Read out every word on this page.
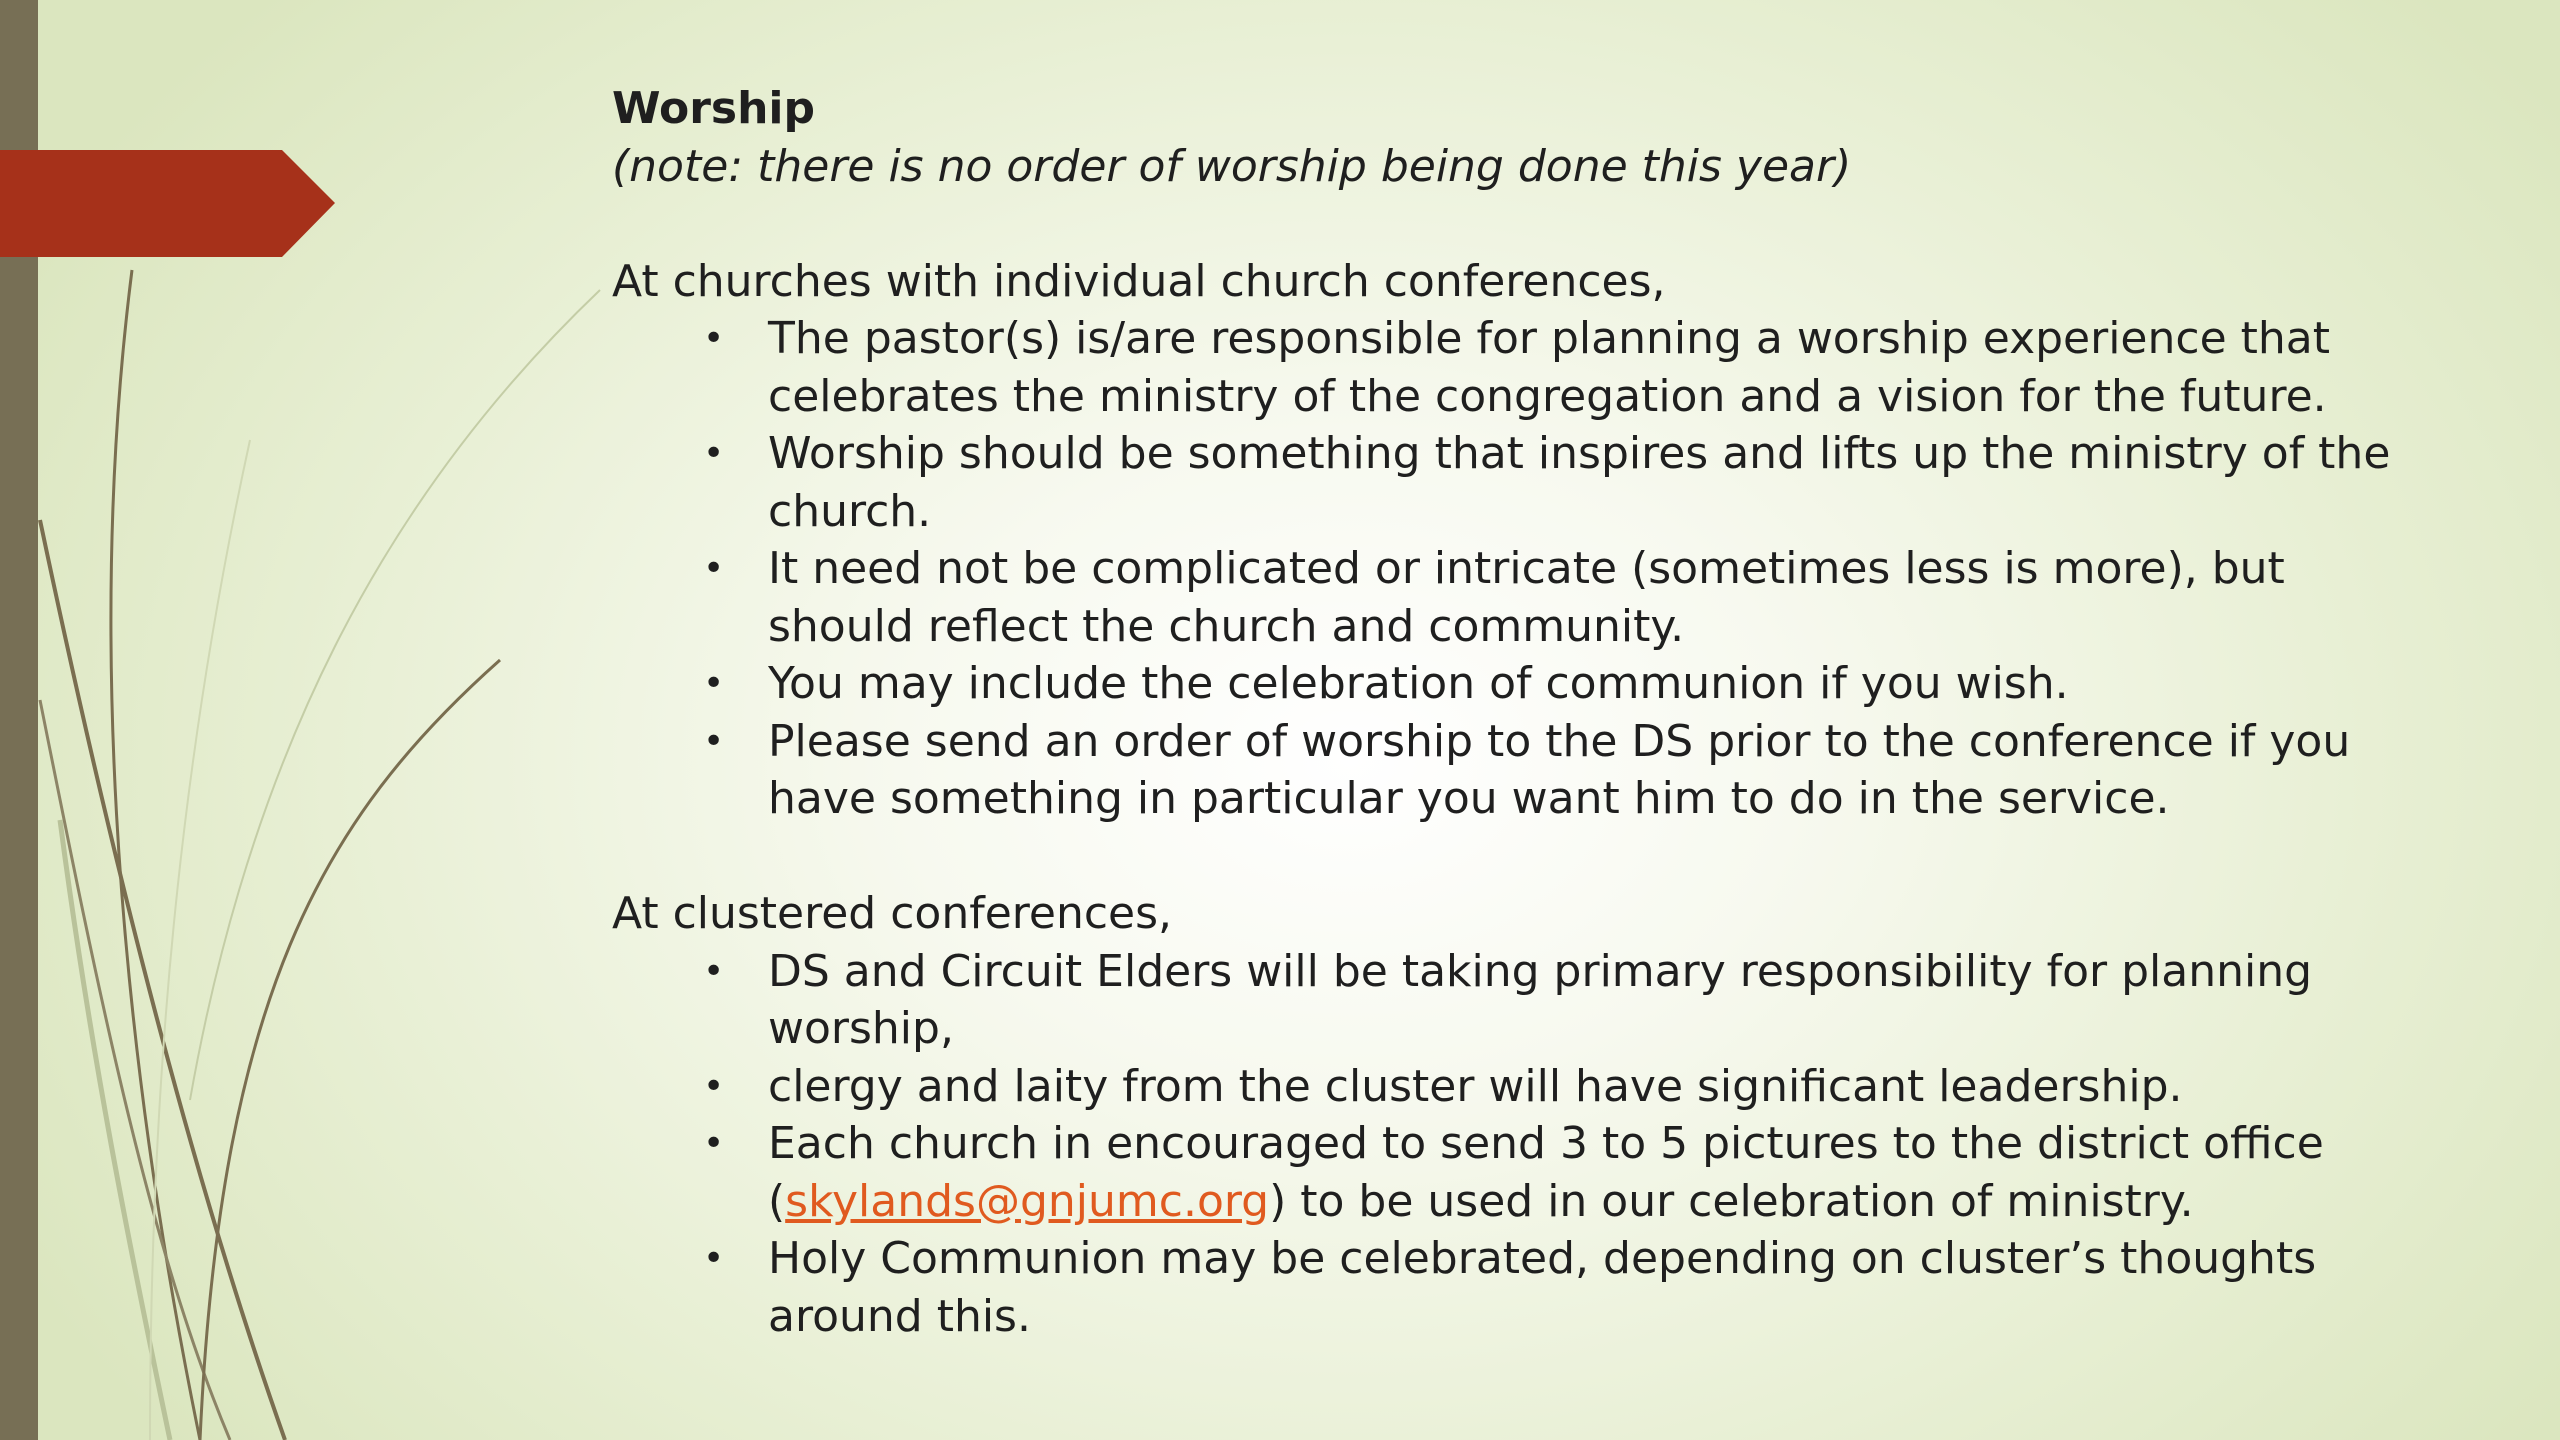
Worship

(note: there is no order of worship being done this year)

At churches with individual church conferences,

• The pastor(s) is/are responsible for planning a worship experience that celebrates the ministry of the congregation and a vision for the future.
• Worship should be something that inspires and lifts up the ministry of the church.
• It need not be complicated or intricate (sometimes less is more), but should reflect the church and community.
• You may include the celebration of communion if you wish.
• Please send an order of worship to the DS prior to the conference if you have something in particular you want him to do in the service.

At clustered conferences,

• DS and Circuit Elders will be taking primary responsibility for planning worship,
• clergy and laity from the cluster will have significant leadership.
• Each church in encouraged to send 3 to 5 pictures to the district office (skylands@gnjumc.org) to be used in our celebration of ministry.
• Holy Communion may be celebrated, depending on cluster’s thoughts around this.
